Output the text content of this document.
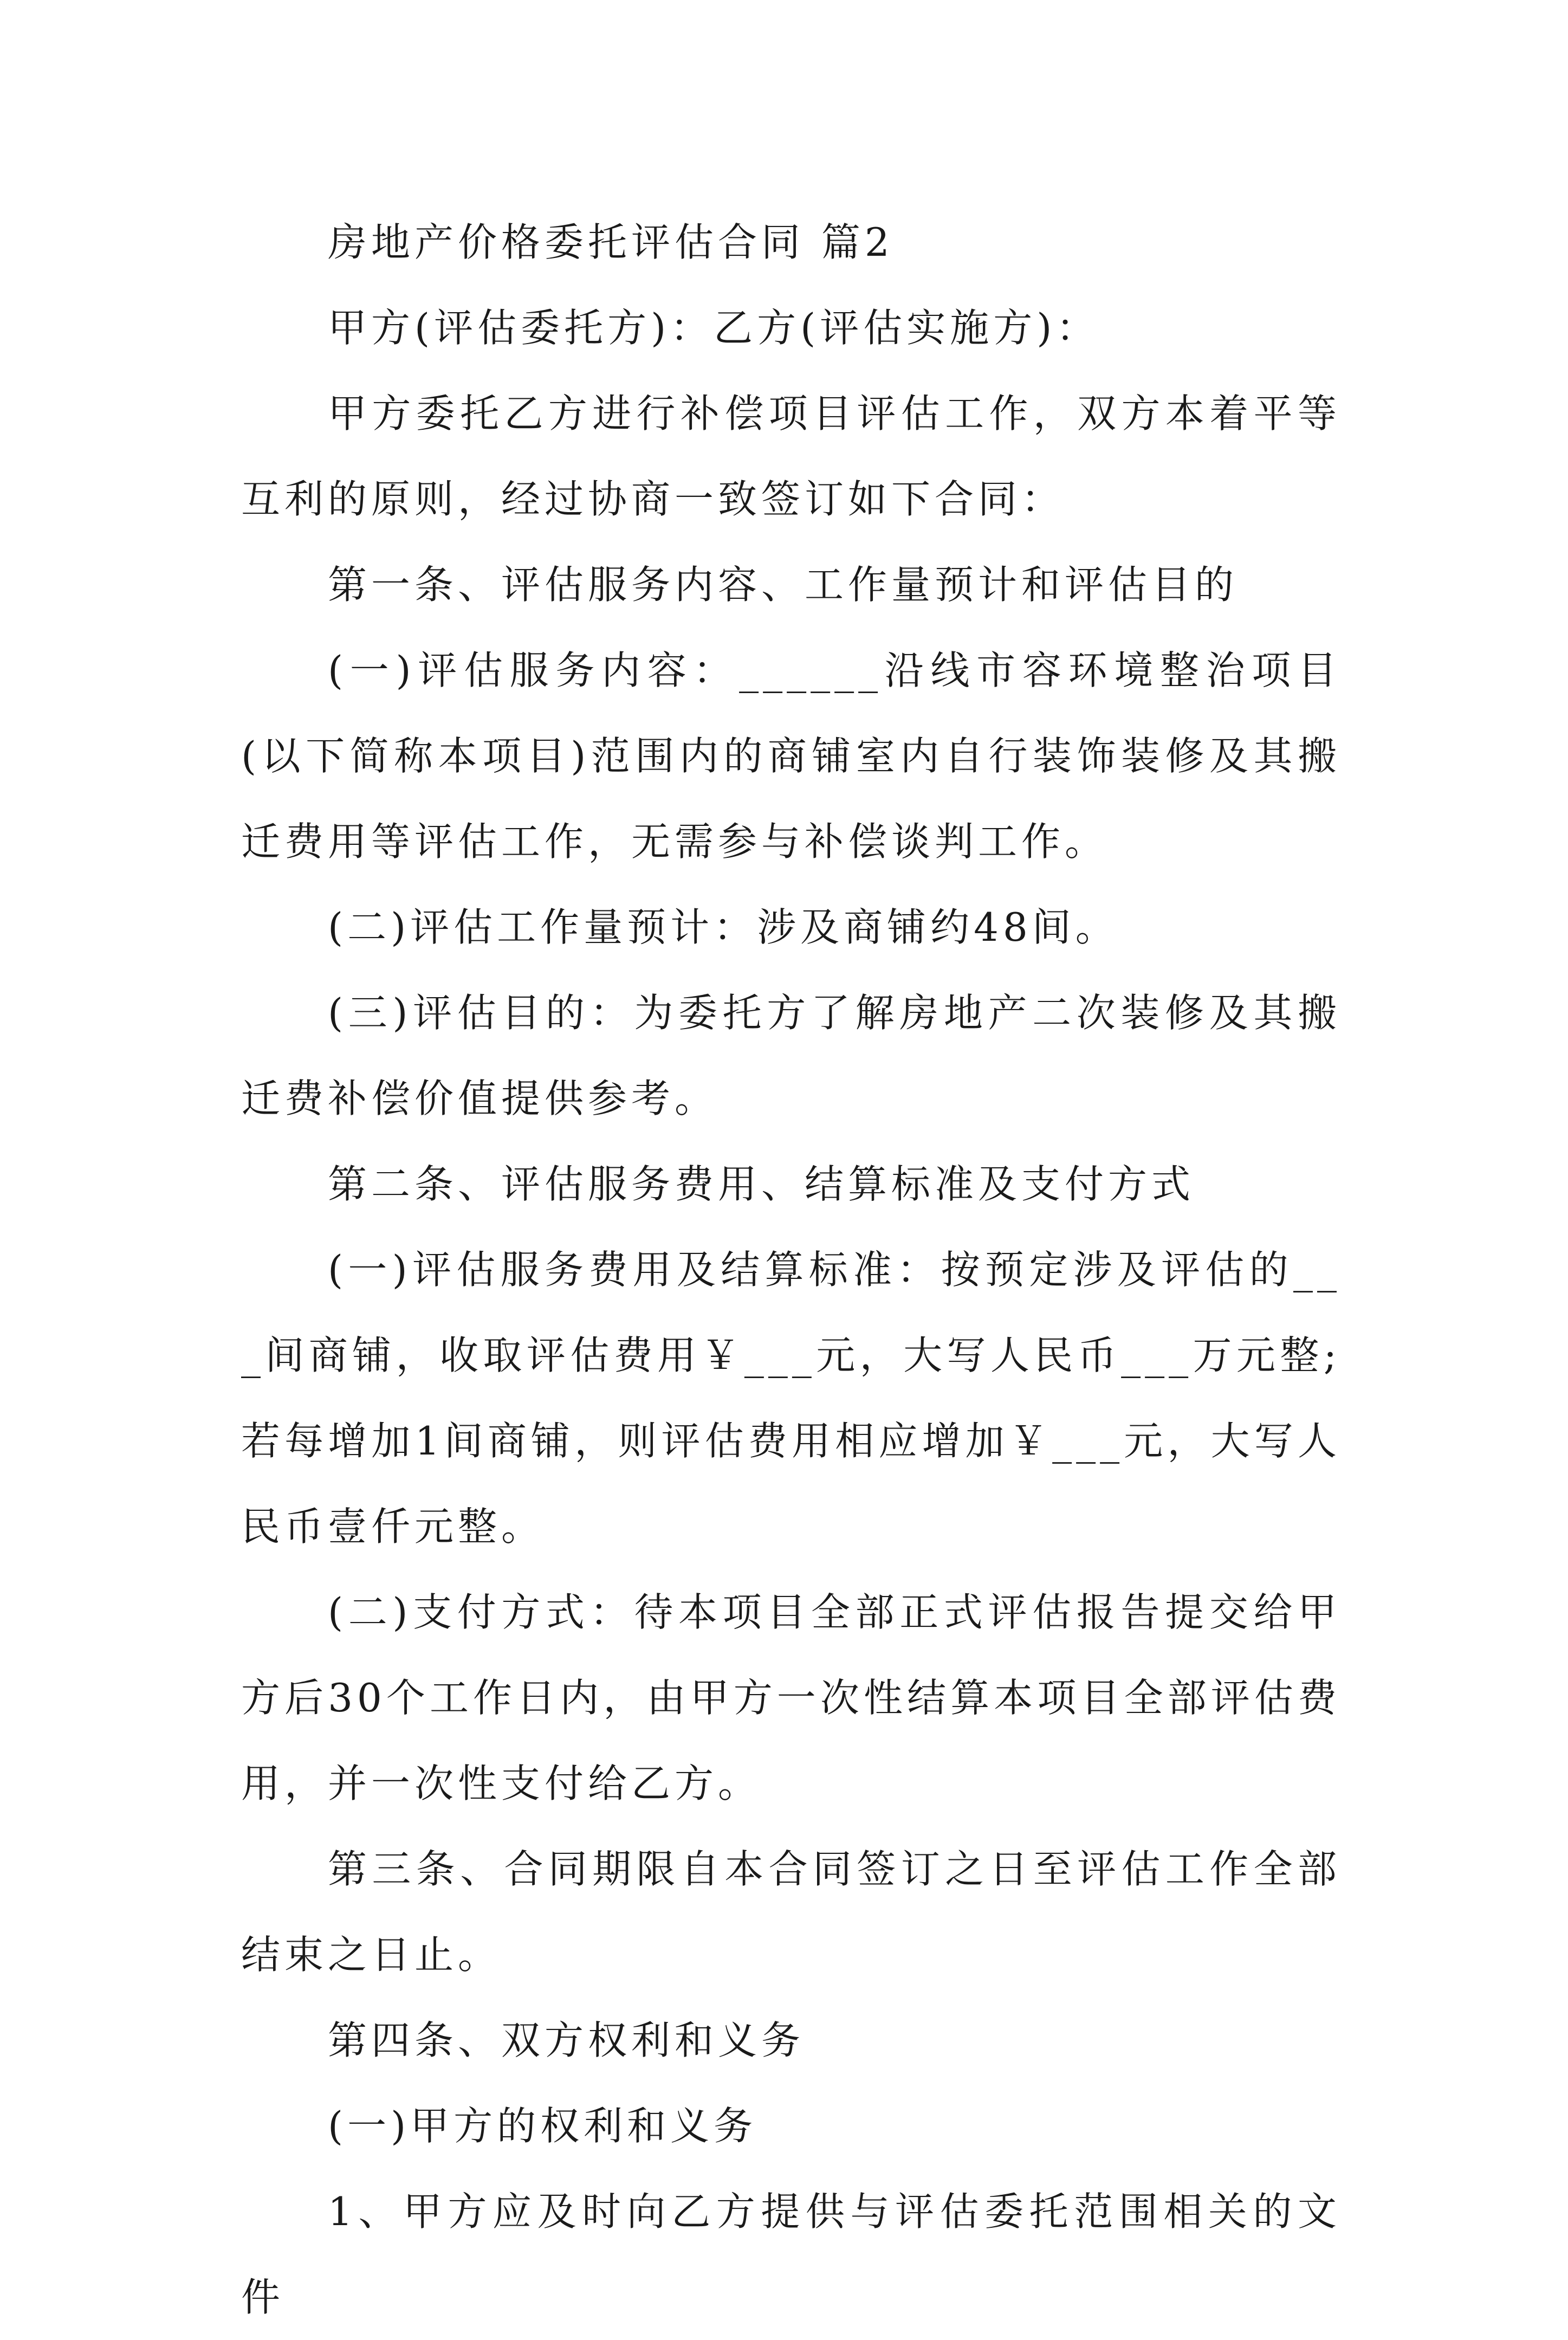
房地产价格委托评估合同 篇2

甲方(评估委托方)：乙方(评估实施方)：

甲方委托乙方进行补偿项目评估工作，双方本着平等互利的原则，经过协商一致签订如下合同：

第一条、评估服务内容、工作量预计和评估目的

(一)评估服务内容：______沿线市容环境整治项目(以下简称本项目)范围内的商铺室内自行装饰装修及其搬迁费用等评估工作，无需参与补偿谈判工作。

(二)评估工作量预计：涉及商铺约48间。

(三)评估目的：为委托方了解房地产二次装修及其搬迁费补偿价值提供参考。

第二条、评估服务费用、结算标准及支付方式

(一)评估服务费用及结算标准：按预定涉及评估的___间商铺，收取评估费用￥___元，大写人民币___万元整;若每增加1间商铺，则评估费用相应增加￥___元，大写人民币壹仟元整。

(二)支付方式：待本项目全部正式评估报告提交给甲方后30个工作日内，由甲方一次性结算本项目全部评估费用，并一次性支付给乙方。

第三条、合同期限自本合同签订之日至评估工作全部结束之日止。

第四条、双方权利和义务

(一)甲方的权利和义务

1、甲方应及时向乙方提供与评估委托范围相关的文件
